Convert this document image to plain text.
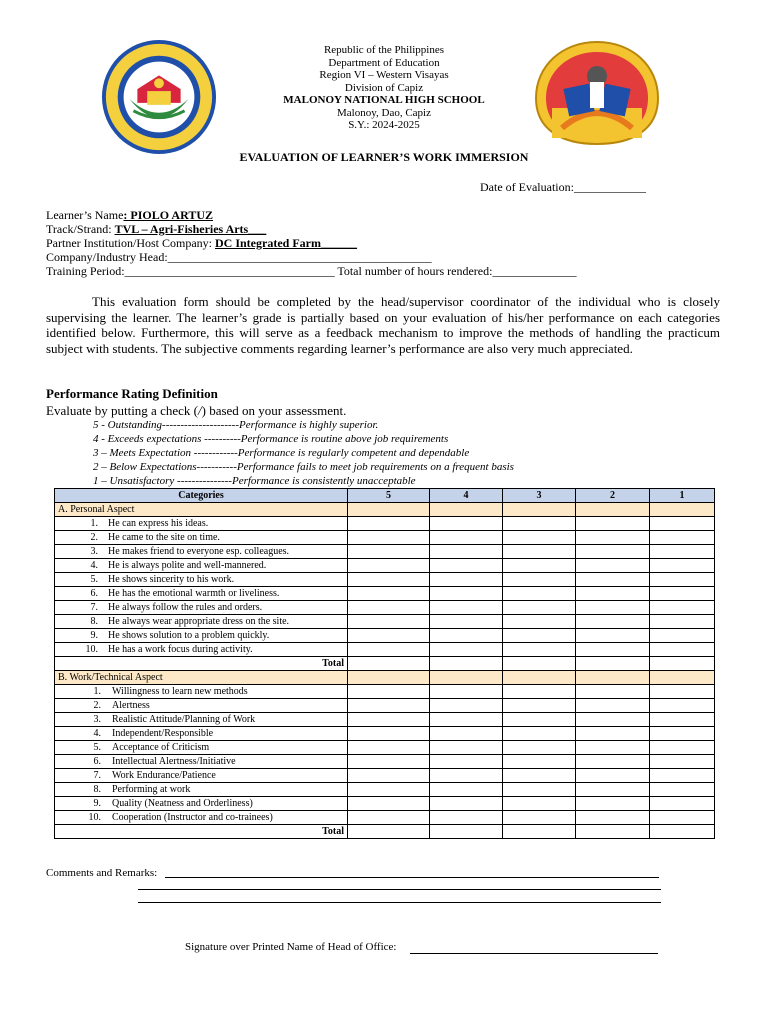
Republic of the Philippines
Department of Education
Region VI – Western Visayas
Division of Capiz
MALONOY NATIONAL HIGH SCHOOL
Malonoy, Dao, Capiz
S.Y.: 2024-2025
EVALUATION OF LEARNER’S WORK IMMERSION
Date of Evaluation:____________
Learner’s Name: PIOLO ARTUZ
Track/Strand: TVL – Agri-Fisheries Arts___
Partner Institution/Host Company: DC Integrated Farm______
Company/Industry Head:____________________________________________
Training Period:___________________________________ Total number of hours rendered:______________

This evaluation form should be completed by the head/supervisor coordinator of the individual who is closely supervising the learner. The learner’s grade is partially based on your evaluation of his/her performance on each categories identified below. Furthermore, this will serve as a feedback mechanism to improve the methods of handling the practicum subject with students. The subjective comments regarding learner’s performance are also very much appreciated.

Performance Rating Definition
Evaluate by putting a check (/) based on your assessment.
5 - Outstanding---------------------Performance is highly superior.
4 - Exceeds expectations ----------Performance is routine above job requirements
3 – Meets Expectation ------------Performance is regularly competent and dependable
2 – Below Expectations-----------Performance fails to meet job requirements on a frequent basis
1 – Unsatisfactory ---------------Performance is consistently unacceptable
Categories	5	4	3	2	1
A. Personal Aspect					
1. He can express his ideas.					
2. He came to the site on time.					
3. He makes friend to everyone esp. colleagues.					
4. He is always polite and well-mannered.					
5. He shows sincerity to his work.					
6. He has the emotional warmth or liveliness.					
7. He always follow the rules and orders.					
8. He always wear appropriate dress on the site.					
9. He shows solution to a problem quickly.					
10. He has a work focus during activity.					
Total					
B. Work/Technical Aspect					
1. Willingness to learn new methods					
2. Alertness					
3. Realistic Attitude/Planning of Work					
4. Independent/Responsible					
5. Acceptance of Criticism					
6. Intellectual Alertness/Initiative					
7. Work Endurance/Patience					
8. Performing at work					
9. Quality (Neatness and Orderliness)					
10. Cooperation (Instructor and co-trainees)					
Total					
Comments and Remarks:
Signature over Printed Name of Head of Office:
